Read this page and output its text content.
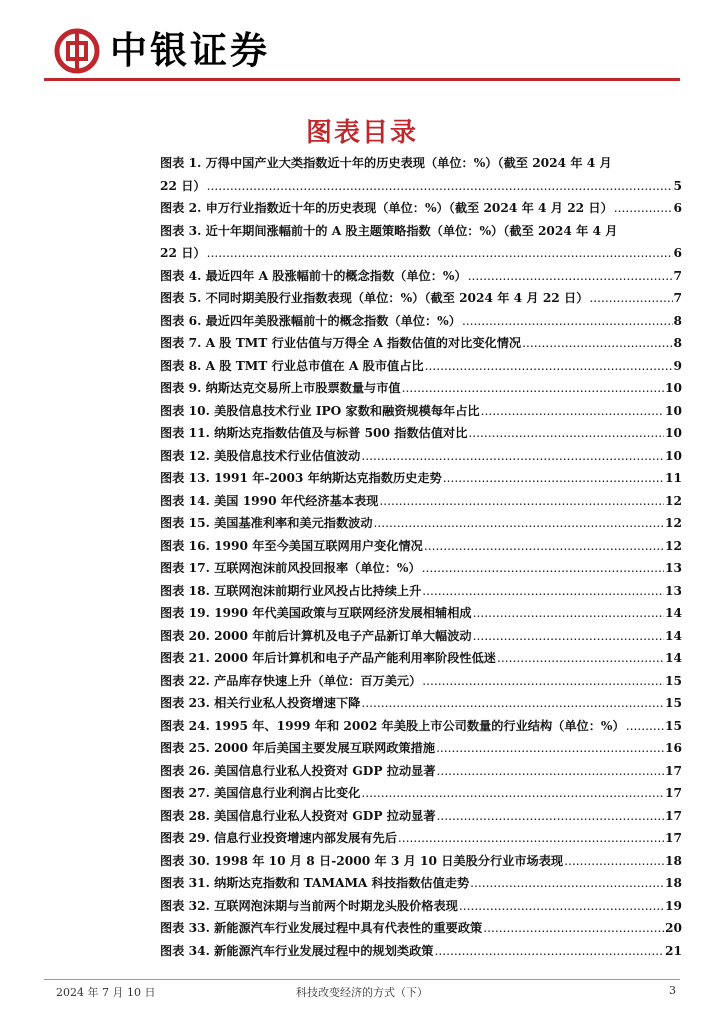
中银证券
图表目录
图表 1. 万得中国产业大类指数近十年的历史表现（单位：%）（截至 2024 年 4 月
22 日） .....	5
图表 2. 申万行业指数近十年的历史表现（单位：%）（截至 2024 年 4 月 22 日） .....	6
图表 3. 近十年期间涨幅前十的 A 股主题策略指数（单位：%）（截至 2024 年 4 月
22 日） .....	6
图表 4. 最近四年 A 股涨幅前十的概念指数（单位：%） .....	7
图表 5. 不同时期美股行业指数表现（单位：%）（截至 2024 年 4 月 22 日） .....	7
图表 6. 最近四年美股涨幅前十的概念指数（单位：%） .....	8
图表 7. A 股 TMT 行业估值与万得全 A 指数估值的对比变化情况 .....	8
图表 8. A 股 TMT 行业总市值在 A 股市值占比 .....	9
图表 9. 纳斯达克交易所上市股票数量与市值 .....	10
图表 10. 美股信息技术行业 IPO 家数和融资规模每年占比 .....	10
图表 11. 纳斯达克指数估值及与标普 500 指数估值对比 .....	10
图表 12. 美股信息技术行业估值波动 .....	10
图表 13. 1991 年-2003 年纳斯达克指数历史走势 .....	11
图表 14. 美国 1990 年代经济基本表现 .....	12
图表 15. 美国基准利率和美元指数波动 .....	12
图表 16. 1990 年至今美国互联网用户变化情况 .....	12
图表 17. 互联网泡沫前风投回报率（单位：%） .....	13
图表 18. 互联网泡沫前期行业风投占比持续上升 .....	13
图表 19. 1990 年代美国政策与互联网经济发展相辅相成 .....	14
图表 20. 2000 年前后计算机及电子产品新订单大幅波动 .....	14
图表 21. 2000 年后计算机和电子产品产能利用率阶段性低迷 .....	14
图表 22. 产品库存快速上升（单位：百万美元） .....	15
图表 23. 相关行业私人投资增速下降 .....	15
图表 24. 1995 年、1999 年和 2002 年美股上市公司数量的行业结构（单位：%） .....	15
图表 25. 2000 年后美国主要发展互联网政策措施 .....	16
图表 26. 美国信息行业私人投资对 GDP 拉动显著 .....	17
图表 27. 美国信息行业利润占比变化 .....	17
图表 28. 美国信息行业私人投资对 GDP 拉动显著 .....	17
图表 29. 信息行业投资增速内部发展有先后 .....	17
图表 30. 1998 年 10 月 8 日-2000 年 3 月 10 日美股分行业市场表现 .....	18
图表 31. 纳斯达克指数和 TAMAMA 科技指数估值走势 .....	18
图表 32. 互联网泡沫期与当前两个时期龙头股价格表现 .....	19
图表 33. 新能源汽车行业发展过程中具有代表性的重要政策 .....	20
图表 34. 新能源汽车行业发展过程中的规划类政策 .....	21
2024 年 7 月 10 日	科技改变经济的方式（下）	3
